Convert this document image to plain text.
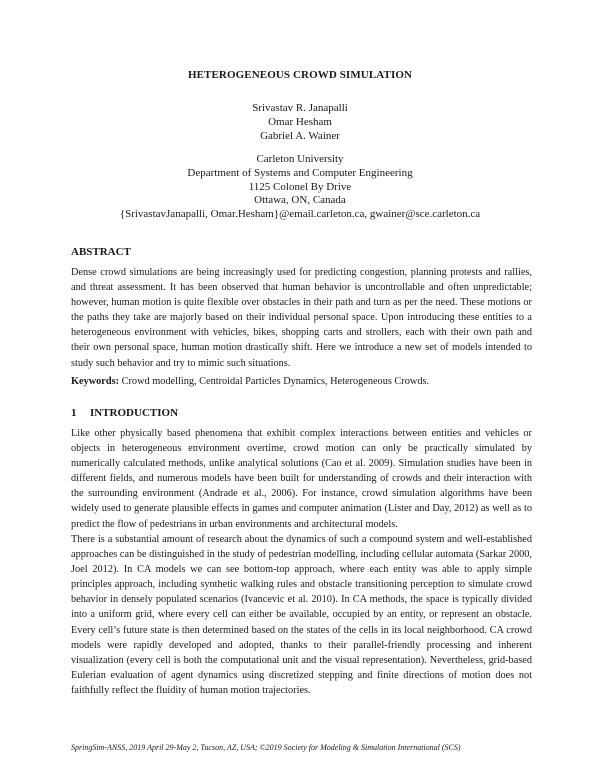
HETEROGENEOUS CROWD SIMULATION
Srivastav R. Janapalli
Omar Hesham
Gabriel A. Wainer
Carleton University
Department of Systems and Computer Engineering
1125 Colonel By Drive
Ottawa, ON, Canada
{SrivastavJanapalli, Omar.Hesham}@email.carleton.ca, gwainer@sce.carleton.ca
ABSTRACT

Dense crowd simulations are being increasingly used for predicting congestion, planning protests and rallies, and threat assessment. It has been observed that human behavior is uncontrollable and often unpredictable; however, human motion is quite flexible over obstacles in their path and turn as per the need. These motions or the paths they take are majorly based on their individual personal space. Upon introducing these entities to a heterogeneous environment with vehicles, bikes, shopping carts and strollers, each with their own path and their own personal space, human motion drastically shift. Here we introduce a new set of models intended to study such behavior and try to mimic such situations.

Keywords: Crowd modelling, Centroidal Particles Dynamics, Heterogeneous Crowds.
1 INTRODUCTION

Like other physically based phenomena that exhibit complex interactions between entities and vehicles or objects in heterogeneous environment overtime, crowd motion can only be practically simulated by numerically calculated methods, unlike analytical solutions (Cao et al. 2009). Simulation studies have been in different fields, and numerous models have been built for understanding of crowds and their interaction with the surrounding environment (Andrade et al., 2006). For instance, crowd simulation algorithms have been widely used to generate plausible effects in games and computer animation (Lister and Day, 2012) as well as to predict the flow of pedestrians in urban environments and architectural models.

There is a substantial amount of research about the dynamics of such a compound system and well-established approaches can be distinguished in the study of pedestrian modelling, including cellular automata (Sarkar 2000, Joel 2012). In CA models we can see bottom-top approach, where each entity was able to apply simple principles approach, including synthetic walking rules and obstacle transitioning perception to simulate crowd behavior in densely populated scenarios (Ivancevic et al. 2010). In CA methods, the space is typically divided into a uniform grid, where every cell can either be available, occupied by an entity, or represent an obstacle. Every cell’s future state is then determined based on the states of the cells in its local neighborhood. CA crowd models were rapidly developed and adopted, thanks to their parallel-friendly processing and inherent visualization (every cell is both the computational unit and the visual representation). Nevertheless, grid-based Eulerian evaluation of agent dynamics using discretized stepping and finite directions of motion does not faithfully reflect the fluidity of human motion trajectories.

SpringSim-ANSS, 2019 April 29-May 2, Tucson, AZ, USA; ©2019 Society for Modeling & Simulation International (SCS)
